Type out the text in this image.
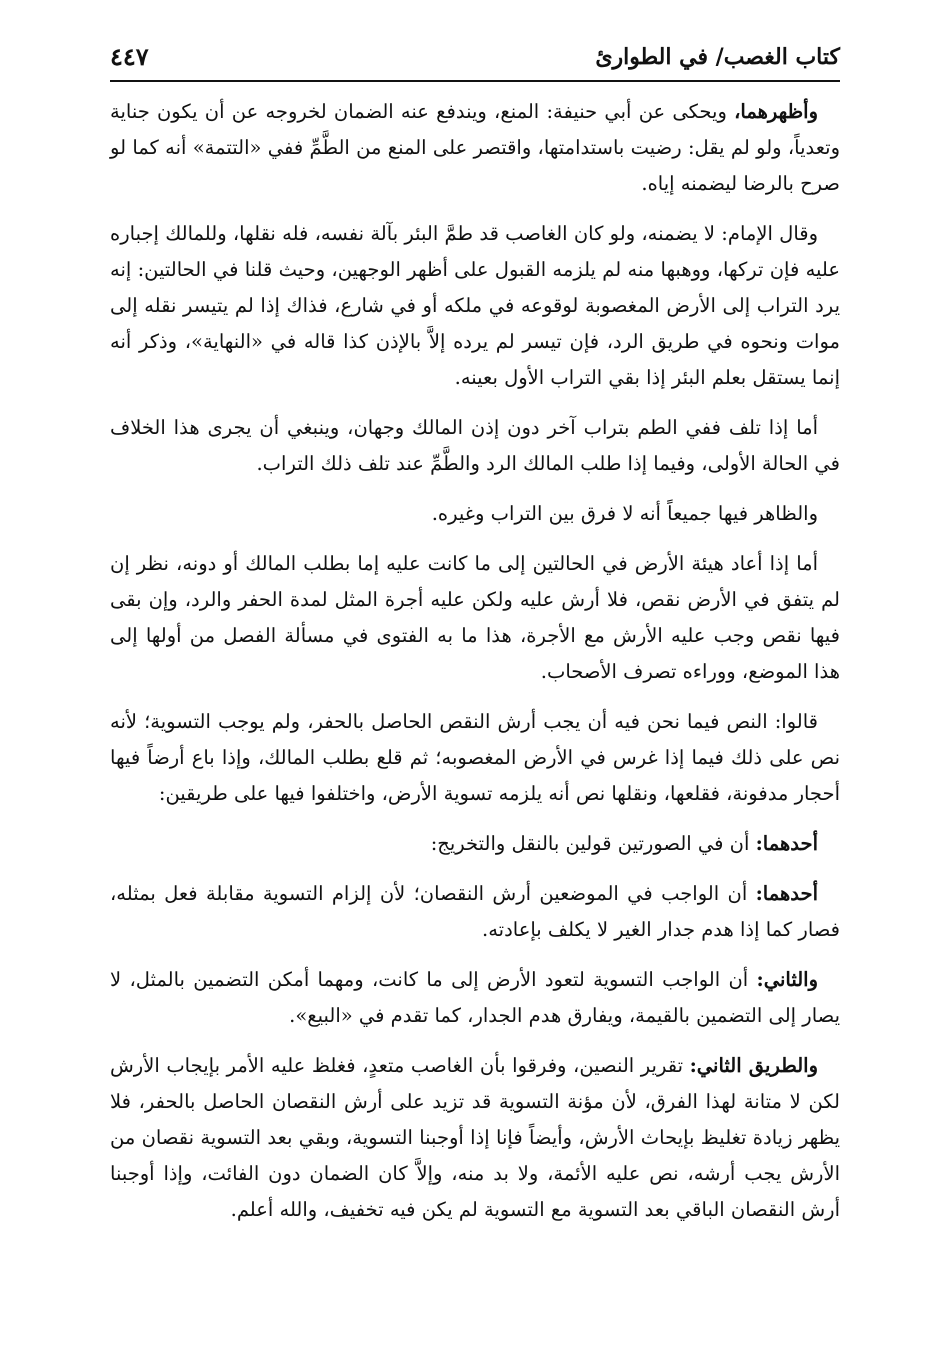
كتاب الغصب/ في الطوارئ
٤٤٧

وأظهرهما، ويحكى عن أبي حنيفة: المنع، ويندفع عنه الضمان لخروجه عن أن يكون جناية وتعدياً، ولو لم يقل: رضيت باستدامتها، واقتصر على المنع من الطَّمِّ ففي «التتمة» أنه كما لو صرح بالرضا ليضمنه إياه.

وقال الإمام: لا يضمنه، ولو كان الغاصب قد طمَّ البئر بآلة نفسه، فله نقلها، وللمالك إجباره عليه فإن تركها، ووهبها منه لم يلزمه القبول على أظهر الوجهين، وحيث قلنا في الحالتين: إنه يرد التراب إلى الأرض المغصوبة لوقوعه في ملكه أو في شارع، فذاك إذا لم يتيسر نقله إلى موات ونحوه في طريق الرد، فإن تيسر لم يرده إلاَّ بالإذن كذا قاله في «النهاية»، وذكر أنه إنما يستقل بعلم البئر إذا بقي التراب الأول بعينه.

أما إذا تلف ففي الطم بتراب آخر دون إذن المالك وجهان، وينبغي أن يجرى هذا الخلاف في الحالة الأولى، وفيما إذا طلب المالك الرد والطَّمِّ عند تلف ذلك التراب.

والظاهر فيها جميعاً أنه لا فرق بين التراب وغيره.

أما إذا أعاد هيئة الأرض في الحالتين إلى ما كانت عليه إما بطلب المالك أو دونه، نظر إن لم يتفق في الأرض نقص، فلا أرش عليه ولكن عليه أجرة المثل لمدة الحفر والرد، وإن بقى فيها نقص وجب عليه الأرش مع الأجرة، هذا ما به الفتوى في مسألة الفصل من أولها إلى هذا الموضع، ووراءه تصرف الأصحاب.

قالوا: النص فيما نحن فيه أن يجب أرش النقص الحاصل بالحفر، ولم يوجب التسوية؛ لأنه نص على ذلك فيما إذا غرس في الأرض المغصوبه؛ ثم قلع بطلب المالك، وإذا باع أرضاً فيها أحجار مدفونة، فقلعها، ونقلها نص أنه يلزمه تسوية الأرض، واختلفوا فيها على طريقين:

أحدهما: أن في الصورتين قولين بالنقل والتخريج:

أحدهما: أن الواجب في الموضعين أرش النقصان؛ لأن إلزام التسوية مقابلة فعل بمثله، فصار كما إذا هدم جدار الغير لا يكلف بإعادته.

والثاني: أن الواجب التسوية لتعود الأرض إلى ما كانت، ومهما أمكن التضمين بالمثل، لا يصار إلى التضمين بالقيمة، ويفارق هدم الجدار، كما تقدم في «البيع».

والطريق الثاني: تقرير النصين، وفرقوا بأن الغاصب متعدٍ، فغلظ عليه الأمر بإيجاب الأرش لكن لا متانة لهذا الفرق، لأن مؤنة التسوية قد تزيد على أرش النقصان الحاصل بالحفر، فلا يظهر زيادة تغليظ بإيحاث الأرش، وأيضاً فإنا إذا أوجبنا التسوية، وبقي بعد التسوية نقصان من الأرش يجب أرشه، نص عليه الأئمة، ولا بد منه، وإلاَّ كان الضمان دون الفائت، وإذا أوجبنا أرش النقصان الباقي بعد التسوية مع التسوية لم يكن فيه تخفيف، والله أعلم.
